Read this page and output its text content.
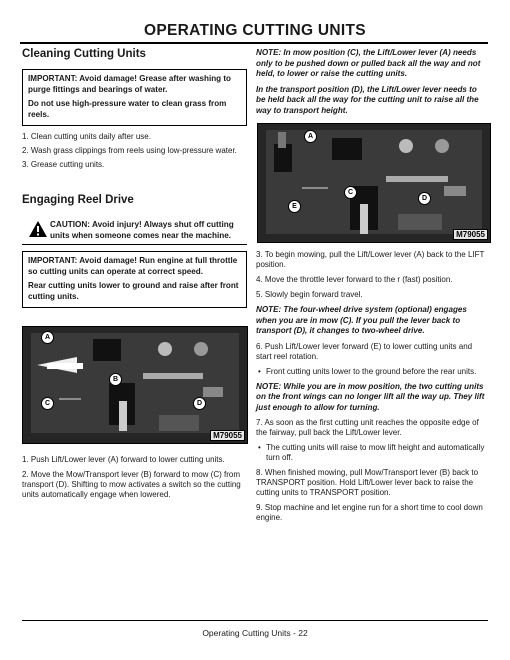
OPERATING CUTTING UNITS
Cleaning Cutting Units

IMPORTANT: Avoid damage! Grease after washing to purge fittings and bearings of water.

Do not use high-pressure water to clean grass from reels.

1. Clean cutting units daily after use.

2. Wash grass clippings from reels using low-pressure water.

3. Grease cutting units.

Engaging Reel Drive

CAUTION: Avoid injury! Always shut off cutting units when someone comes near the machine.

IMPORTANT: Avoid damage! Run engine at full throttle so cutting units can operate at correct speed.

Rear cutting units lower to ground and raise after front cutting units.

A
B
C	D
M79055

1. Push Lift/Lower lever (A) forward to lower cutting units.

2. Move the Mow/Transport lever (B) forward to mow (C) from transport (D). Shifting to mow activates a switch so the cutting units automatically engage when lowered.

NOTE: In mow position (C), the Lift/Lower lever (A) needs only to be pushed down or pulled back all the way and not held, to lower or raise the cutting units.

In the transport position (D), the Lift/Lower lever needs to be held back all the way for the cutting unit to raise all the way to transport height.

A
C
D
E
M79055

3. To begin mowing, pull the Lift/Lower lever (A) back to the LIFT position.

4. Move the throttle lever forward to the r (fast) position.

5. Slowly begin forward travel.

NOTE: The four-wheel drive system (optional) engages when you are in mow (C). If you pull the lever back to transport (D), it changes to two-wheel drive.

6. Push Lift/Lower lever forward (E) to lower cutting units and start reel rotation.

• Front cutting units lower to the ground before the rear units.

NOTE: While you are in mow position, the two cutting units on the front wings can no longer lift all the way up. They lift just enough to allow for turning.

7. As soon as the first cutting unit reaches the opposite edge of the fairway, pull back the Lift/Lower lever.

• The cutting units will raise to mow lift height and automatically turn off.

8. When finished mowing, pull Mow/Transport lever (B) back to TRANSPORT position. Hold Lift/Lower lever back to raise the cutting units to TRANSPORT position.

9. Stop machine and let engine run for a short time to cool down engine.

Operating Cutting Units - 22
